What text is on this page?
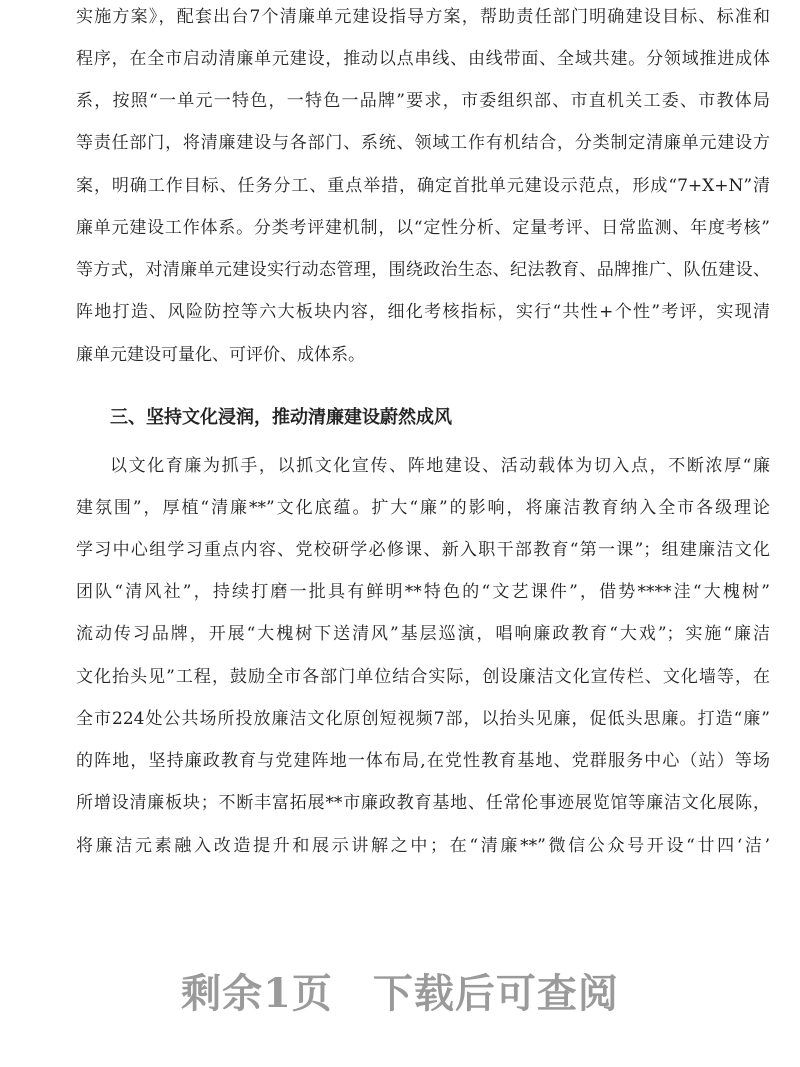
实施方案》，配套出台7个清廉单元建设指导方案，帮助责任部门明确建设目标、标准和
程序，在全市启动清廉单元建设，推动以点串线、由线带面、全域共建。分领域推进成体
系，按照“一单元一特色，一特色一品牌”要求，市委组织部、市直机关工委、市教体局
等责任部门，将清廉建设与各部门、系统、领域工作有机结合，分类制定清廉单元建设方
案，明确工作目标、任务分工、重点举措，确定首批单元建设示范点，形成“7+X+N”清
廉单元建设工作体系。分类考评建机制，以“定性分析、定量考评、日常监测、年度考核”
等方式，对清廉单元建设实行动态管理，围绕政治生态、纪法教育、品牌推广、队伍建设、
阵地打造、风险防控等六大板块内容，细化考核指标，实行“共性+个性”考评，实现清
廉单元建设可量化、可评价、成体系。
三、坚持文化浸润，推动清廉建设蔚然成风
以文化育廉为抓手，以抓文化宣传、阵地建设、活动载体为切入点，不断浓厚“廉
建氛围”，厚植“清廉**”文化底蕴。扩大“廉”的影响，将廉洁教育纳入全市各级理论
学习中心组学习重点内容、党校研学必修课、新入职干部教育“第一课”；组建廉洁文化
团队“清风社”，持续打磨一批具有鲜明**特色的“文艺课件”，借势****洼“大槐树”
流动传习品牌，开展“大槐树下送清风”基层巡演，唱响廉政教育“大戏”；实施“廉洁
文化抬头见”工程，鼓励全市各部门单位结合实际，创设廉洁文化宣传栏、文化墙等，在
全市224处公共场所投放廉洁文化原创短视频7部，以抬头见廉，促低头思廉。打造“廉”
的阵地，坚持廉政教育与党建阵地一体布局,在党性教育基地、党群服务中心（站）等场
所增设清廉板块；不断丰富拓展**市廉政教育基地、任常伦事迹展览馆等廉洁文化展陈，
将廉洁元素融入改造提升和展示讲解之中；在“清廉**”微信公众号开设“廿四‘洁’
剩余1页 下载后可查阅
